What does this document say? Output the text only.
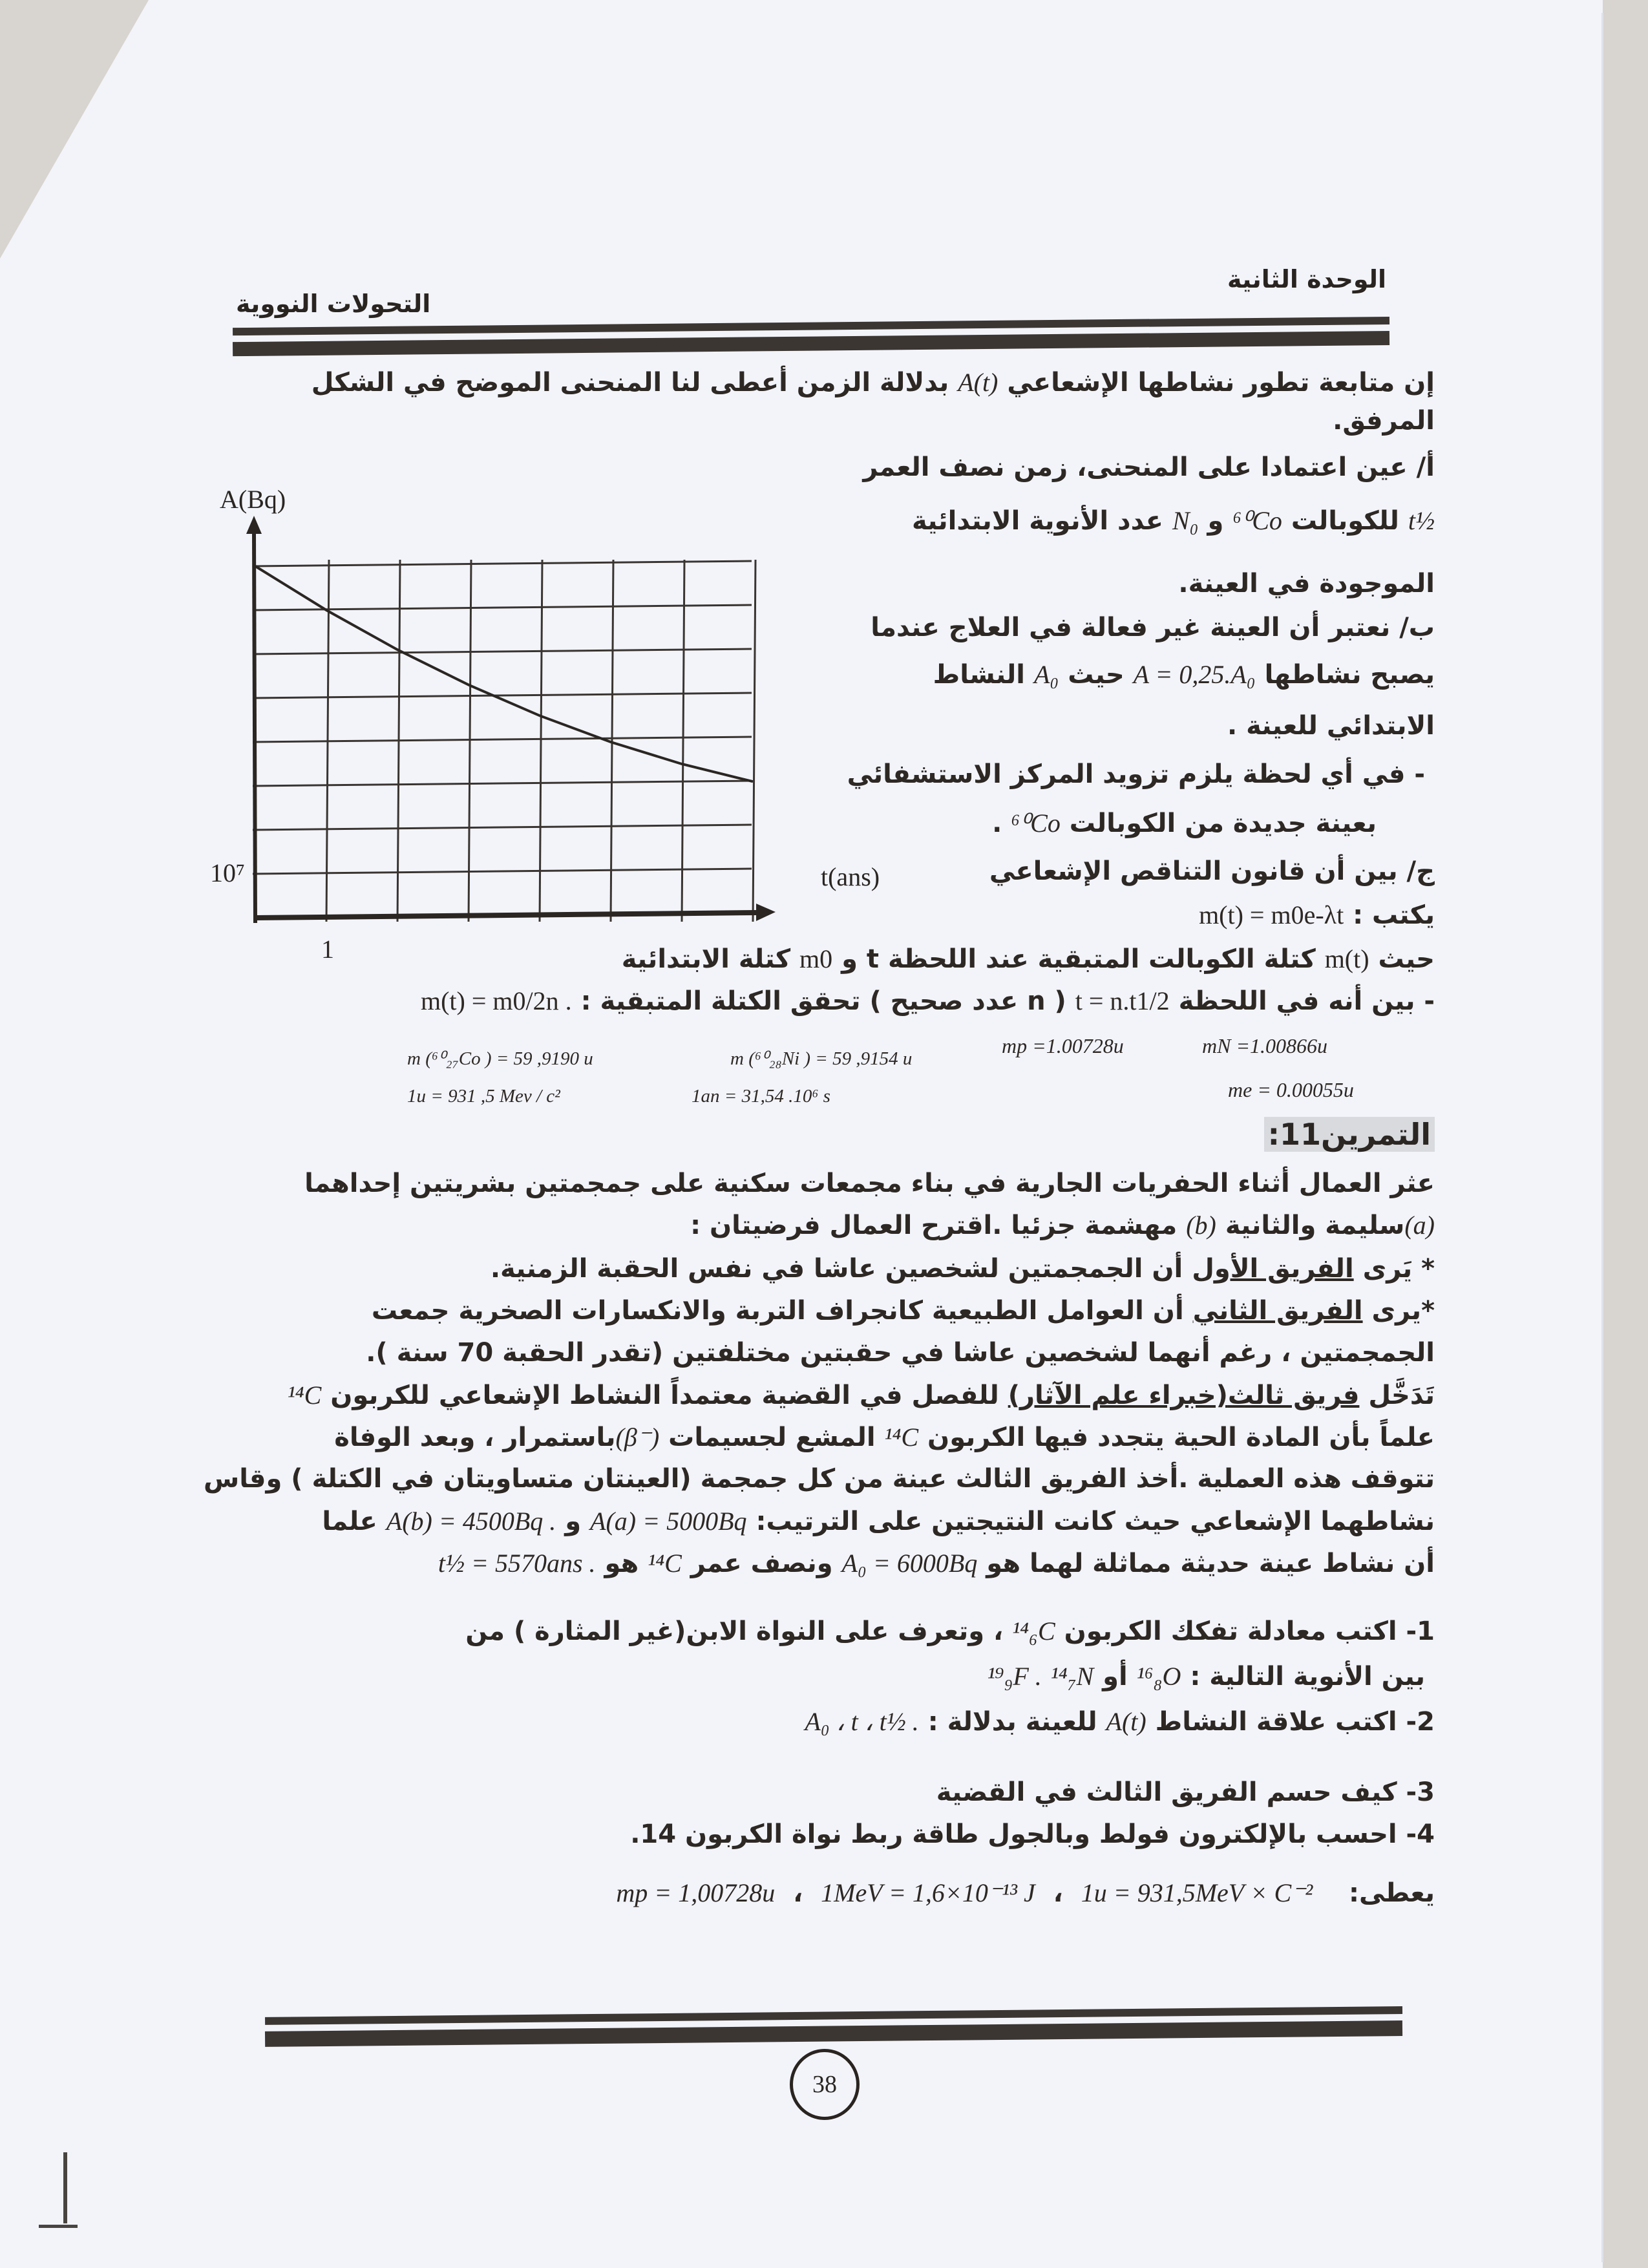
الوحدة الثانية
التحولات النووية
إن متابعة تطور نشاطها الإشعاعي A(t) بدلالة الزمن أعطى لنا المنحنى الموضح في الشكل
المرفق.
أ/ عين اعتمادا على المنحنى، زمن نصف العمر
t½ للكوبالت ⁶⁰Co و N₀ عدد الأنوية الابتدائية
الموجودة في العينة.
ب/ نعتبر أن العينة غير فعالة في العلاج عندما
يصبح نشاطها A = 0,25.A₀ حيث A₀ النشاط
الابتدائي للعينة .
- في أي لحظة يلزم تزويد المركز الاستشفائي
بعينة جديدة من الكوبالت ⁶⁰Co .
ج/ بين أن قانون التناقص الإشعاعي
يكتب : m(t) = m0e-λt
حيث m(t) كتلة الكوبالت المتبقية عند اللحظة t و m0 كتلة الابتدائية
- بين أنه في اللحظة t = n.t1/2 ( n عدد صحيح ) تحقق الكتلة المتبقية : m(t) = m0/2n .
mp =1.00728u	mN =1.00866u
me = 0.00055u
m (⁶⁰₂₇Co ) = 59 ,9190 u	m (⁶⁰₂₈Ni ) = 59 ,9154 u
1u = 931 ,5 Mev / c²	1an = 31,54 .10⁶ s
A(Bq)
t(ans)
1
10⁷
التمرين11:
عثر العمال أثناء الحفريات الجارية في بناء مجمعات سكنية على جمجمتين بشريتين إحداهما
(a)سليمة والثانية (b) مهشمة جزئيا .اقترح العمال فرضيتان :
* يَرى الفريق الأول أن الجمجمتين لشخصين عاشا في نفس الحقبة الزمنية.
*يرى الفريق الثاني أن العوامل الطبيعية كانجراف التربة والانكسارات الصخرية جمعت
الجمجمتين ، رغم أنهما لشخصين عاشا في حقبتين مختلفتين (تقدر الحقبة 70 سنة ).
تَدَخَّل فريق ثالث(خبراء علم الآثار) للفصل في القضية معتمداً النشاط الإشعاعي للكربون ¹⁴C
علماً بأن المادة الحية يتجدد فيها الكربون ¹⁴C المشع لجسيمات (β⁻)باستمرار ، وبعد الوفاة
تتوقف هذه العملية .أخذ الفريق الثالث عينة من كل جمجمة (العينتان متساويتان في الكتلة ) وقاس
نشاطهما الإشعاعي حيث كانت النتيجتين على الترتيب: A(a) = 5000Bq و A(b) = 4500Bq . علما
أن نشاط عينة حديثة مماثلة لهما هو A₀ = 6000Bq ونصف عمر ¹⁴C هو t½ = 5570ans .
1- اكتب معادلة تفكك الكربون ¹⁴₆C ، وتعرف على النواة الابن(غير المثارة ) من
بين الأنوية التالية : ¹⁶₈O أو ¹⁴₇N ¹⁹₉F .
2- اكتب علاقة النشاط A(t) للعينة بدلالة : A₀ ، t ، t½ .
3- كيف حسم الفريق الثالث في القضية
4- احسب بالإلكترون فولط وبالجول طاقة ربط نواة الكربون 14.
يعطى:    1u = 931,5MeV × C⁻²  ،  1MeV = 1,6×10⁻¹³ J  ،  mp = 1,00728u
38
